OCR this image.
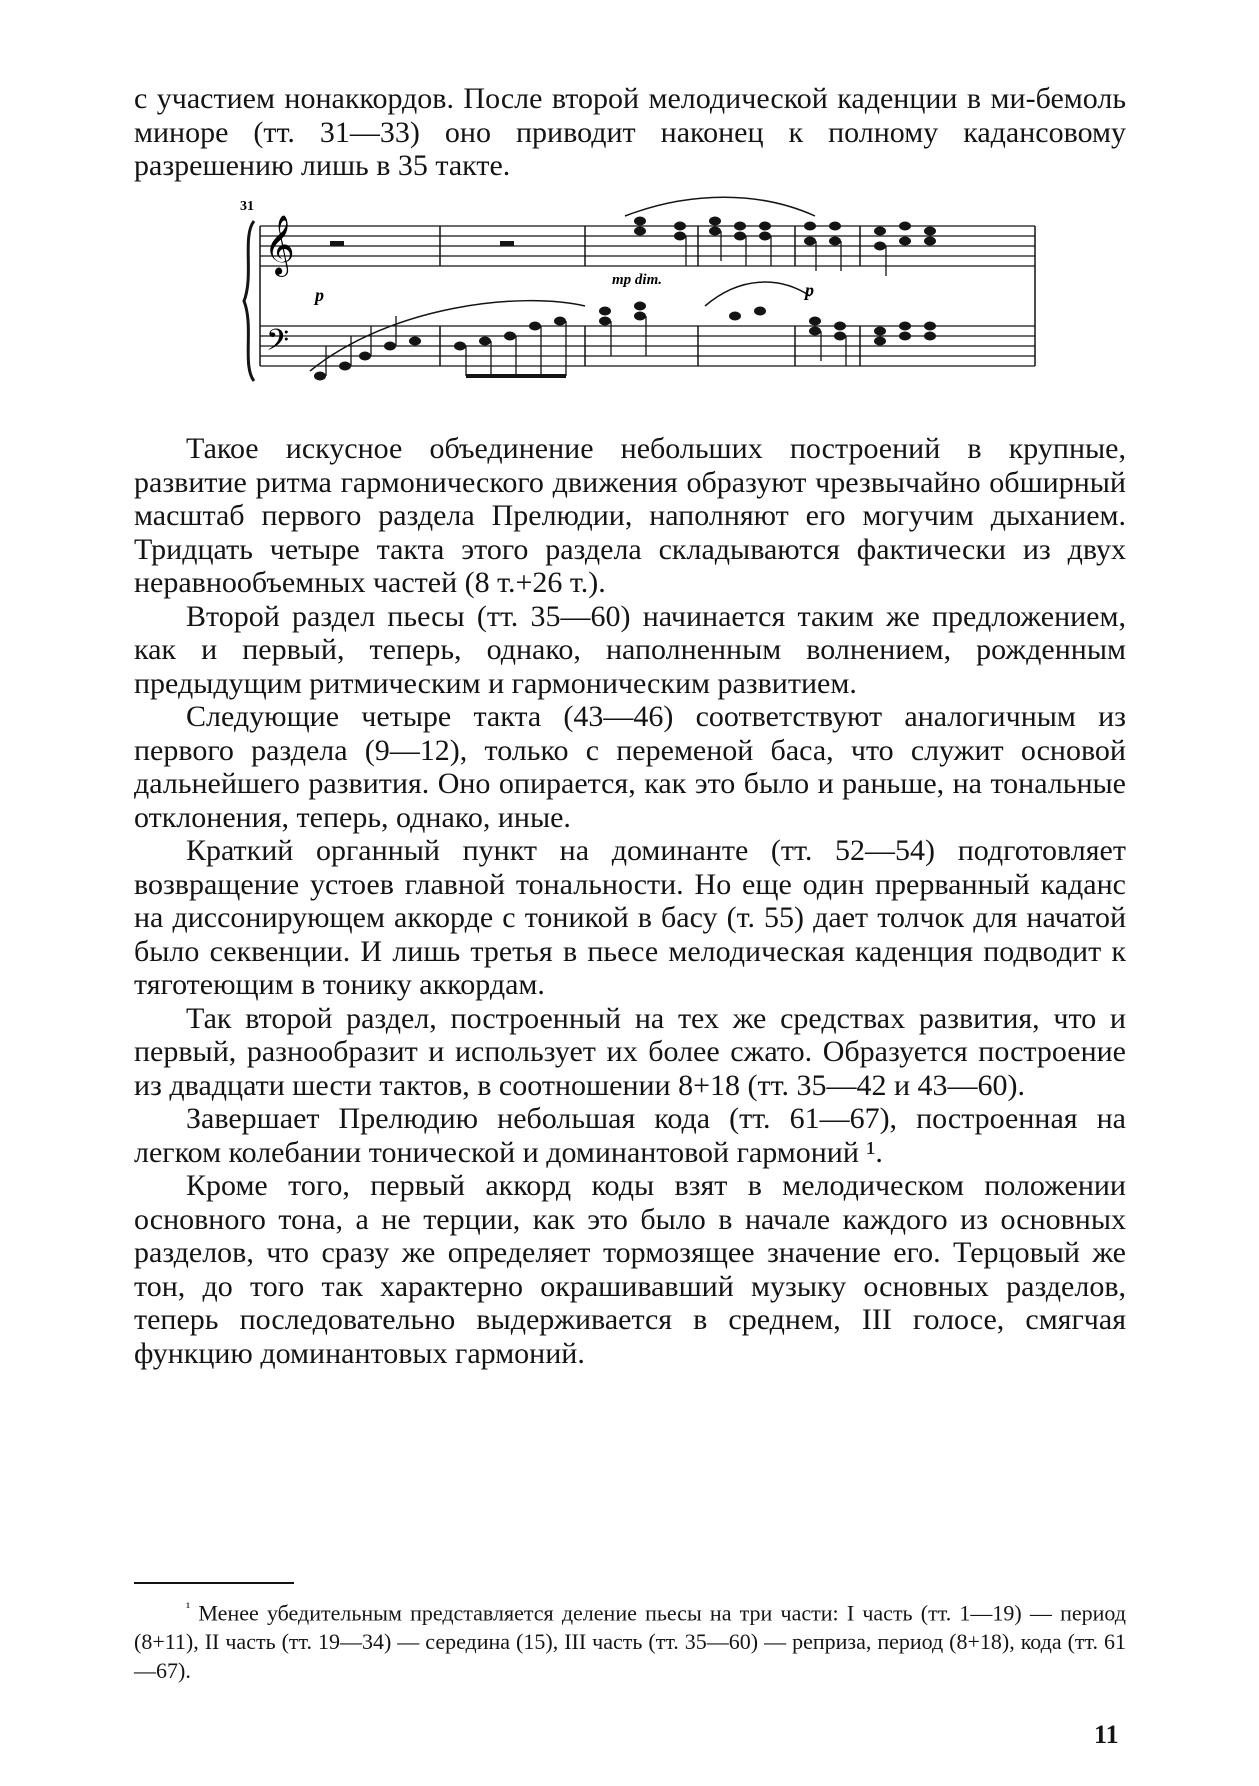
с участием нонаккордов. После второй мелодической каденции в ми-бемоль миноре (тт. 31—33) оно приводит наконец к полному кадансовому разрешению лишь в 35 такте.

31
𝄞
𝄢
mp dim.
p	p

Такое искусное объединение небольших построений в крупные, развитие ритма гармонического движения образуют чрезвычайно обширный масштаб первого раздела Прелюдии, наполняют его могучим дыханием. Тридцать четыре такта этого раздела складываются фактически из двух неравнообъемных частей (8 т.+26 т.).

Второй раздел пьесы (тт. 35—60) начинается таким же предложением, как и первый, теперь, однако, наполненным волнением, рожденным предыдущим ритмическим и гармоническим развитием.

Следующие четыре такта (43—46) соответствуют аналогичным из первого раздела (9—12), только с переменой баса, что служит основой дальнейшего развития. Оно опирается, как это было и раньше, на тональные отклонения, теперь, однако, иные.

Краткий органный пункт на доминанте (тт. 52—54) подготовляет возвращение устоев главной тональности. Но еще один прерванный каданс на диссонирующем аккорде с тоникой в басу (т. 55) дает толчок для начатой было секвенции. И лишь третья в пьесе мелодическая каденция подводит к тяготеющим в тонику аккордам.

Так второй раздел, построенный на тех же средствах развития, что и первый, разнообразит и использует их более сжато. Образуется построение из двадцати шести тактов, в соотношении 8+18 (тт. 35—42 и 43—60).

Завершает Прелюдию небольшая кода (тт. 61—67), построенная на легком колебании тонической и доминантовой гармоний ¹.

Кроме того, первый аккорд коды взят в мелодическом положении основного тона, а не терции, как это было в начале каждого из основных разделов, что сразу же определяет тормозящее значение его. Терцовый же тон, до того так характерно окрашивавший музыку основных разделов, теперь последовательно выдерживается в среднем, III голосе, смягчая функцию доминантовых гармоний.

$^{^1}$ Менее убедительным представляется деление пьесы на три части: I часть (тт. 1—19) — период (8+11), II часть (тт. 19—34) — середина (15), III часть (тт. 35—60) — реприза, период (8+18), кода (тт. 61—67).
11
